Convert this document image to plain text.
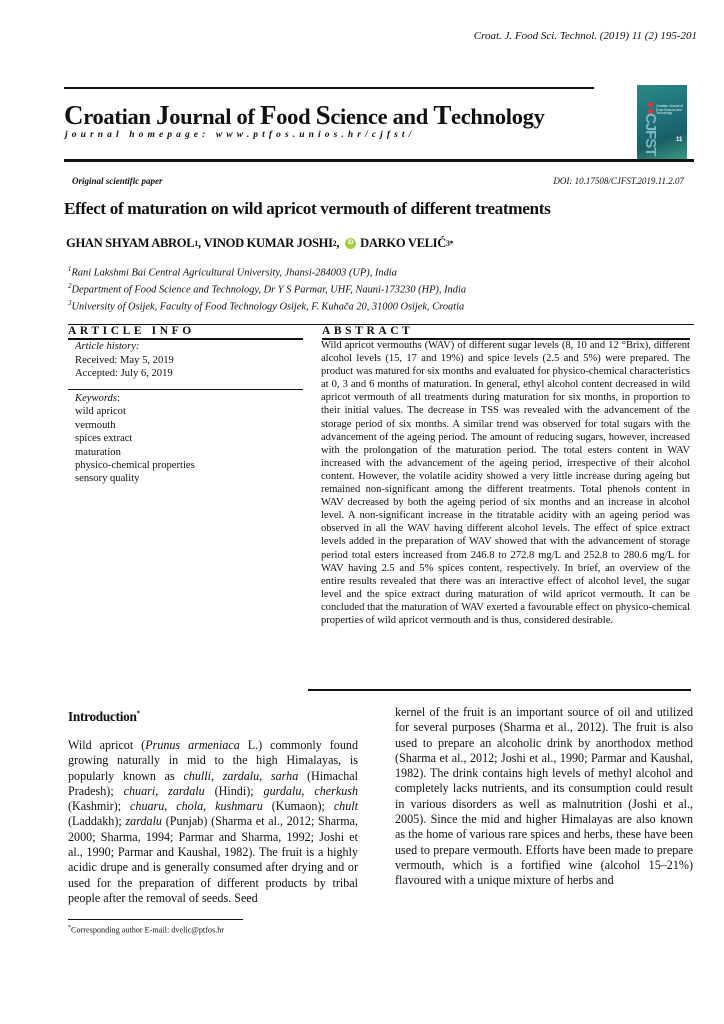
Croat. J. Food Sci. Technol. (2019) 11 (2) 195-201
Croatian Journal of Food Science and Technology
journal homepage: www.ptfos.unios.hr/cjfst/
Croatian Journal of Food Science and Technology
CJFST	11
Original scientific paper	DOI: 10.17508/CJFST.2019.11.2.07
Effect of maturation on wild apricot vermouth of different treatments
GHAN SHYAM ABROL 1 ,
VINOD KUMAR JOSHI 2 ,	iD DARKO VELIĆ 3*
$^1$Rani Lakshmi Bai Central Agricultural University, Jhansi-284003 (UP), India
$^2$Department of Food Science and Technology, Dr Y S Parmar, UHF, Nauni-173230 (HP), India
$^3$University of Osijek, Faculty of Food Technology Osijek, F. Kuhača 20, 31000 Osijek, Croatia
ARTICLE INFO
Article history:
Received: May 5, 2019
Accepted: July 6, 2019
Keywords:
wild apricot
vermouth
spices extract
maturation
physico-chemical properties
sensory quality
ABSTRACT
Wild apricot vermouths (WAV) of different sugar levels (8, 10 and 12 °Brix), different alcohol levels (15, 17 and 19%) and spice levels (2.5 and 5%) were prepared. The product was matured for six months and evaluated for physico-chemical characteristics at 0, 3 and 6 months of maturation. In general, ethyl alcohol content decreased in wild apricot vermouth of all treatments during maturation for six months, in proportion to their initial values. The decrease in TSS was revealed with the advancement of the storage period of six months. A similar trend was observed for total sugars with the advancement of the ageing period. The amount of reducing sugars, however, increased with the prolongation of the maturation period. The total esters content in WAV increased with the advancement of the ageing period, irrespective of their alcohol content. However, the volatile acidity showed a very little increase during ageing but remained non-significant among the different treatments. Total phenols content in WAV decreased by both the ageing period of six months and an increase in alcohol level. A non-significant increase in the titratable acidity with an ageing period was observed in all the WAV having different alcohol levels. The effect of spice extract levels added in the preparation of WAV showed that with the advancement of storage period total esters increased from 246.8 to 272.8 mg/L and 252.8 to 280.6 mg/L for WAV having 2.5 and 5% spices content, respectively. In brief, an overview of the entire results revealed that there was an interactive effect of alcohol level, the sugar level and the spice extract during maturation of wild apricot vermouth. It can be concluded that the maturation of WAV exerted a favourable effect on physico-chemical properties of wild apricot vermouth and is thus, considered desirable.
Introduction*
Wild apricot (Prunus armeniaca L.) commonly found growing naturally in mid to the high Himalayas, is popularly known as chulli, zardalu, sarha (Himachal Pradesh); chuari, zardalu (Hindi); gurdalu, cherkush (Kashmir); chuaru, chola, kushmaru (Kumaon); chult (Laddakh); zardalu (Punjab) (Sharma et al., 2012; Sharma, 2000; Sharma, 1994; Parmar and Sharma, 1992; Joshi et al., 1990; Parmar and Kaushal, 1982). The fruit is a highly acidic drupe and is generally consumed after drying and or used for the preparation of different products by tribal people after the removal of seeds. Seed
kernel of the fruit is an important source of oil and utilized for several purposes (Sharma et al., 2012). The fruit is also used to prepare an alcoholic drink by anorthodox method (Sharma et al., 2012; Joshi et al., 1990; Parmar and Kaushal, 1982). The drink contains high levels of methyl alcohol and completely lacks nutrients, and its consumption could result in various disorders as well as malnutrition (Joshi et al., 2005). Since the mid and higher Himalayas are also known as the home of various rare spices and herbs, these have been used to prepare vermouth. Efforts have been made to prepare vermouth, which is a fortified wine (alcohol 15–21%) flavoured with a unique mixture of herbs and
*Corresponding author E-mail: dvelic@ptfos.hr
